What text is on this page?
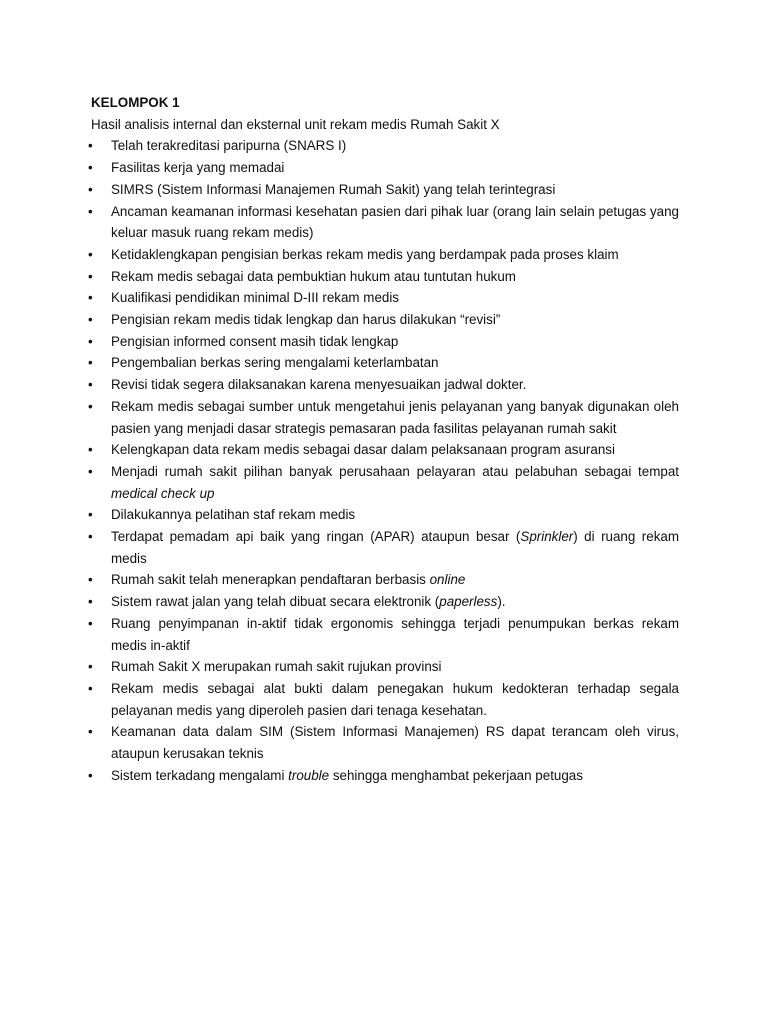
KELOMPOK 1
Hasil analisis internal dan eksternal unit rekam medis Rumah Sakit X
• Telah terakreditasi paripurna (SNARS I)
• Fasilitas kerja yang memadai
• SIMRS (Sistem Informasi Manajemen Rumah Sakit) yang telah terintegrasi
• Ancaman keamanan informasi kesehatan pasien dari pihak luar (orang lain selain petugas yang keluar masuk ruang rekam medis)
• Ketidaklengkapan pengisian berkas rekam medis yang berdampak pada proses klaim
• Rekam medis sebagai data pembuktian hukum atau tuntutan hukum
• Kualifikasi pendidikan minimal D-III rekam medis
• Pengisian rekam medis tidak lengkap dan harus dilakukan “revisi”
• Pengisian informed consent masih tidak lengkap
• Pengembalian berkas sering mengalami keterlambatan
• Revisi tidak segera dilaksanakan karena menyesuaikan jadwal dokter.
• Rekam medis sebagai sumber untuk mengetahui jenis pelayanan yang banyak digunakan oleh pasien yang menjadi dasar strategis pemasaran pada fasilitas pelayanan rumah sakit
• Kelengkapan data rekam medis sebagai dasar dalam pelaksanaan program asuransi
• Menjadi rumah sakit pilihan banyak perusahaan pelayaran atau pelabuhan sebagai tempat medical check up
• Dilakukannya pelatihan staf rekam medis
• Terdapat pemadam api baik yang ringan (APAR) ataupun besar (Sprinkler) di ruang rekam medis
• Rumah sakit telah menerapkan pendaftaran berbasis online
• Sistem rawat jalan yang telah dibuat secara elektronik (paperless).
• Ruang penyimpanan in-aktif tidak ergonomis sehingga terjadi penumpukan berkas rekam medis in-aktif
• Rumah Sakit X merupakan rumah sakit rujukan provinsi
• Rekam medis sebagai alat bukti dalam penegakan hukum kedokteran terhadap segala pelayanan medis yang diperoleh pasien dari tenaga kesehatan.
• Keamanan data dalam SIM (Sistem Informasi Manajemen) RS dapat terancam oleh virus, ataupun kerusakan teknis
• Sistem terkadang mengalami trouble sehingga menghambat pekerjaan petugas
